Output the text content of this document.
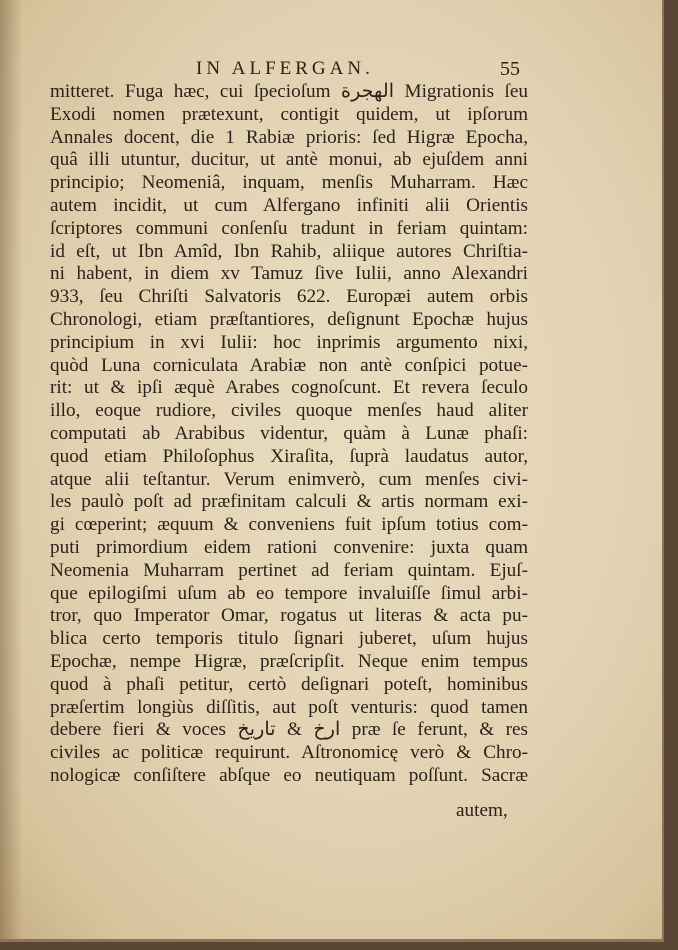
IN ALFERGAN.	55
mitteret. Fuga hæc, cui ſpecioſum الهجرة Migrationis ſeu
Exodi nomen prætexunt, contigit quidem, ut ipſorum
Annales docent, die 1 Rabiæ prioris: ſed Higræ Epocha,
quâ illi utuntur, ducitur, ut antè monui, ab ejuſdem anni
principio; Neomeniâ, inquam, menſis Muharram. Hæc
autem incidit, ut cum Alfergano infiniti alii Orientis
ſcriptores communi conſenſu tradunt in feriam quintam:
id eſt, ut Ibn Amîd, Ibn Rahib, aliique autores Chriſtia-
ni habent, in diem xv Tamuz ſive Iulii, anno Alexandri
933, ſeu Chriſti Salvatoris 622. Europæi autem orbis
Chronologi, etiam præſtantiores, deſignunt Epochæ hujus
principium in xvi Iulii: hoc inprimis argumento nixi,
quòd Luna corniculata Arabiæ non antè conſpici potue-
rit: ut & ipſi æquè Arabes cognoſcunt. Et revera ſeculo
illo, eoque rudiore, civiles quoque menſes haud aliter
computati ab Arabibus videntur, quàm à Lunæ phaſi:
quod etiam Philoſophus Xiraſita, ſuprà laudatus autor,
atque alii teſtantur. Verum enimverò, cum menſes civi-
les paulò poſt ad præfinitam calculi & artis normam exi-
gi cœperint; æquum & conveniens fuit ipſum totius com-
puti primordium eidem rationi convenire: juxta quam
Neomenia Muharram pertinet ad feriam quintam. Ejuſ-
que epilogiſmi uſum ab eo tempore invaluiſſe ſimul arbi-
tror, quo Imperator Omar, rogatus ut literas & acta pu-
blica certo temporis titulo ſignari juberet, uſum hujus
Epochæ, nempe Higræ, præſcripſit. Neque enim tempus
quod à phaſi petitur, certò deſignari poteſt, hominibus
præſertim longiùs diſſitis, aut poſt venturis: quod tamen
debere fieri & voces ارخ & تاريخ præ ſe ferunt, & res
civiles ac politicæ requirunt. Aſtronomicę verò & Chro-
nologicæ conſiſtere abſque eo neutiquam poſſunt. Sacræ
autem,
